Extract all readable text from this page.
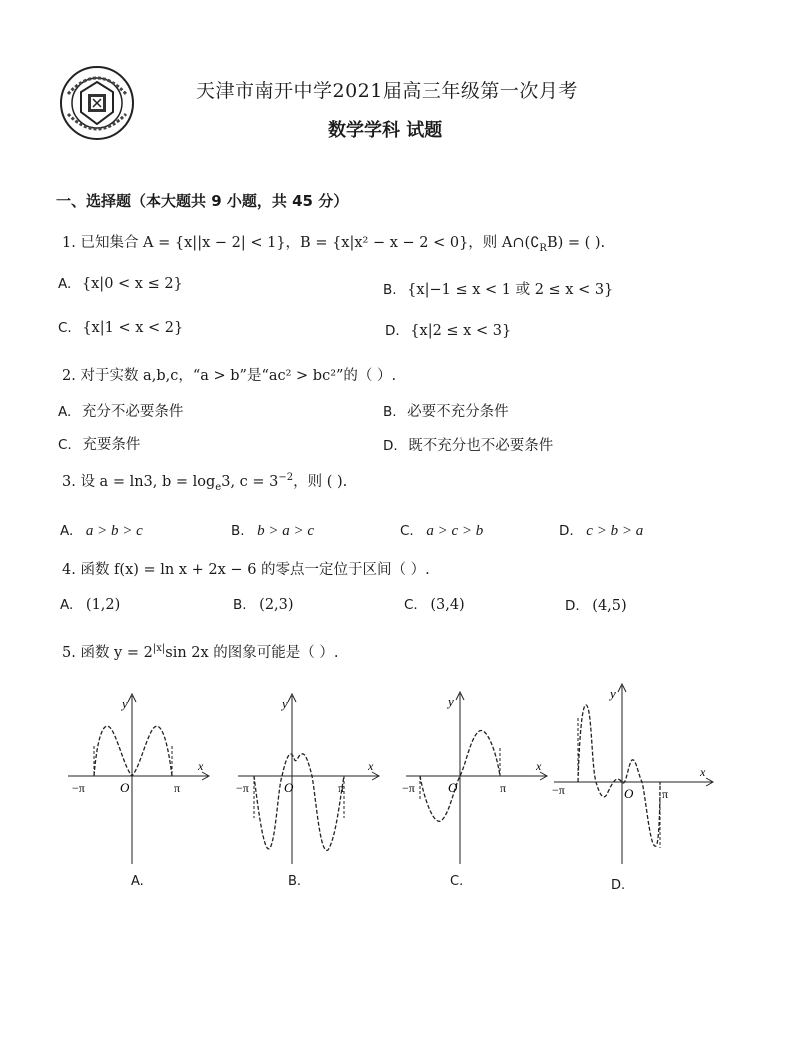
天津市南开中学2021届高三年级第一次月考
数学学科 试题
一、选择题（本大题共 9 小题，共 45 分）
1. 已知集合 A = {x||x − 2| < 1}，B = {x|x² − x − 2 < 0}，则 $A\cap(∁_RB)$ = ( ).
A. {x|0 < x ≤ 2}	B. {x|−1 ≤ x < 1 或 2 ≤ x < 3}
C. {x|1 < x < 2}	D. {x|2 ≤ x < 3}
2. 对于实数 a,b,c，“a > b”是“ac² > bc²”的（ ）.
A. 充分不必要条件	B. 必要不充分条件
C. 充要条件	D. 既不充分也不必要条件
3. 设 a = ln3, $b = \log_e3$, $c = 3^{-2}$，则 ( ).
A. a > b > c	B. b > a > c	C. a > c > b	D. c > b > a
4. 函数 f(x) = ln x + 2x − 6 的零点一定位于区间（ ）.
A. (1,2)	B. (2,3)	C. (3,4)	D. (4,5)
5. 函数 $y = 2^{|x|}\sin$ 2x 的图象可能是（ ）.
y
x
O
−π	π
A.
y
x
O
−π	π
B.
y
x
O
−π	π
C.
y
x
O
−π	π
D.
